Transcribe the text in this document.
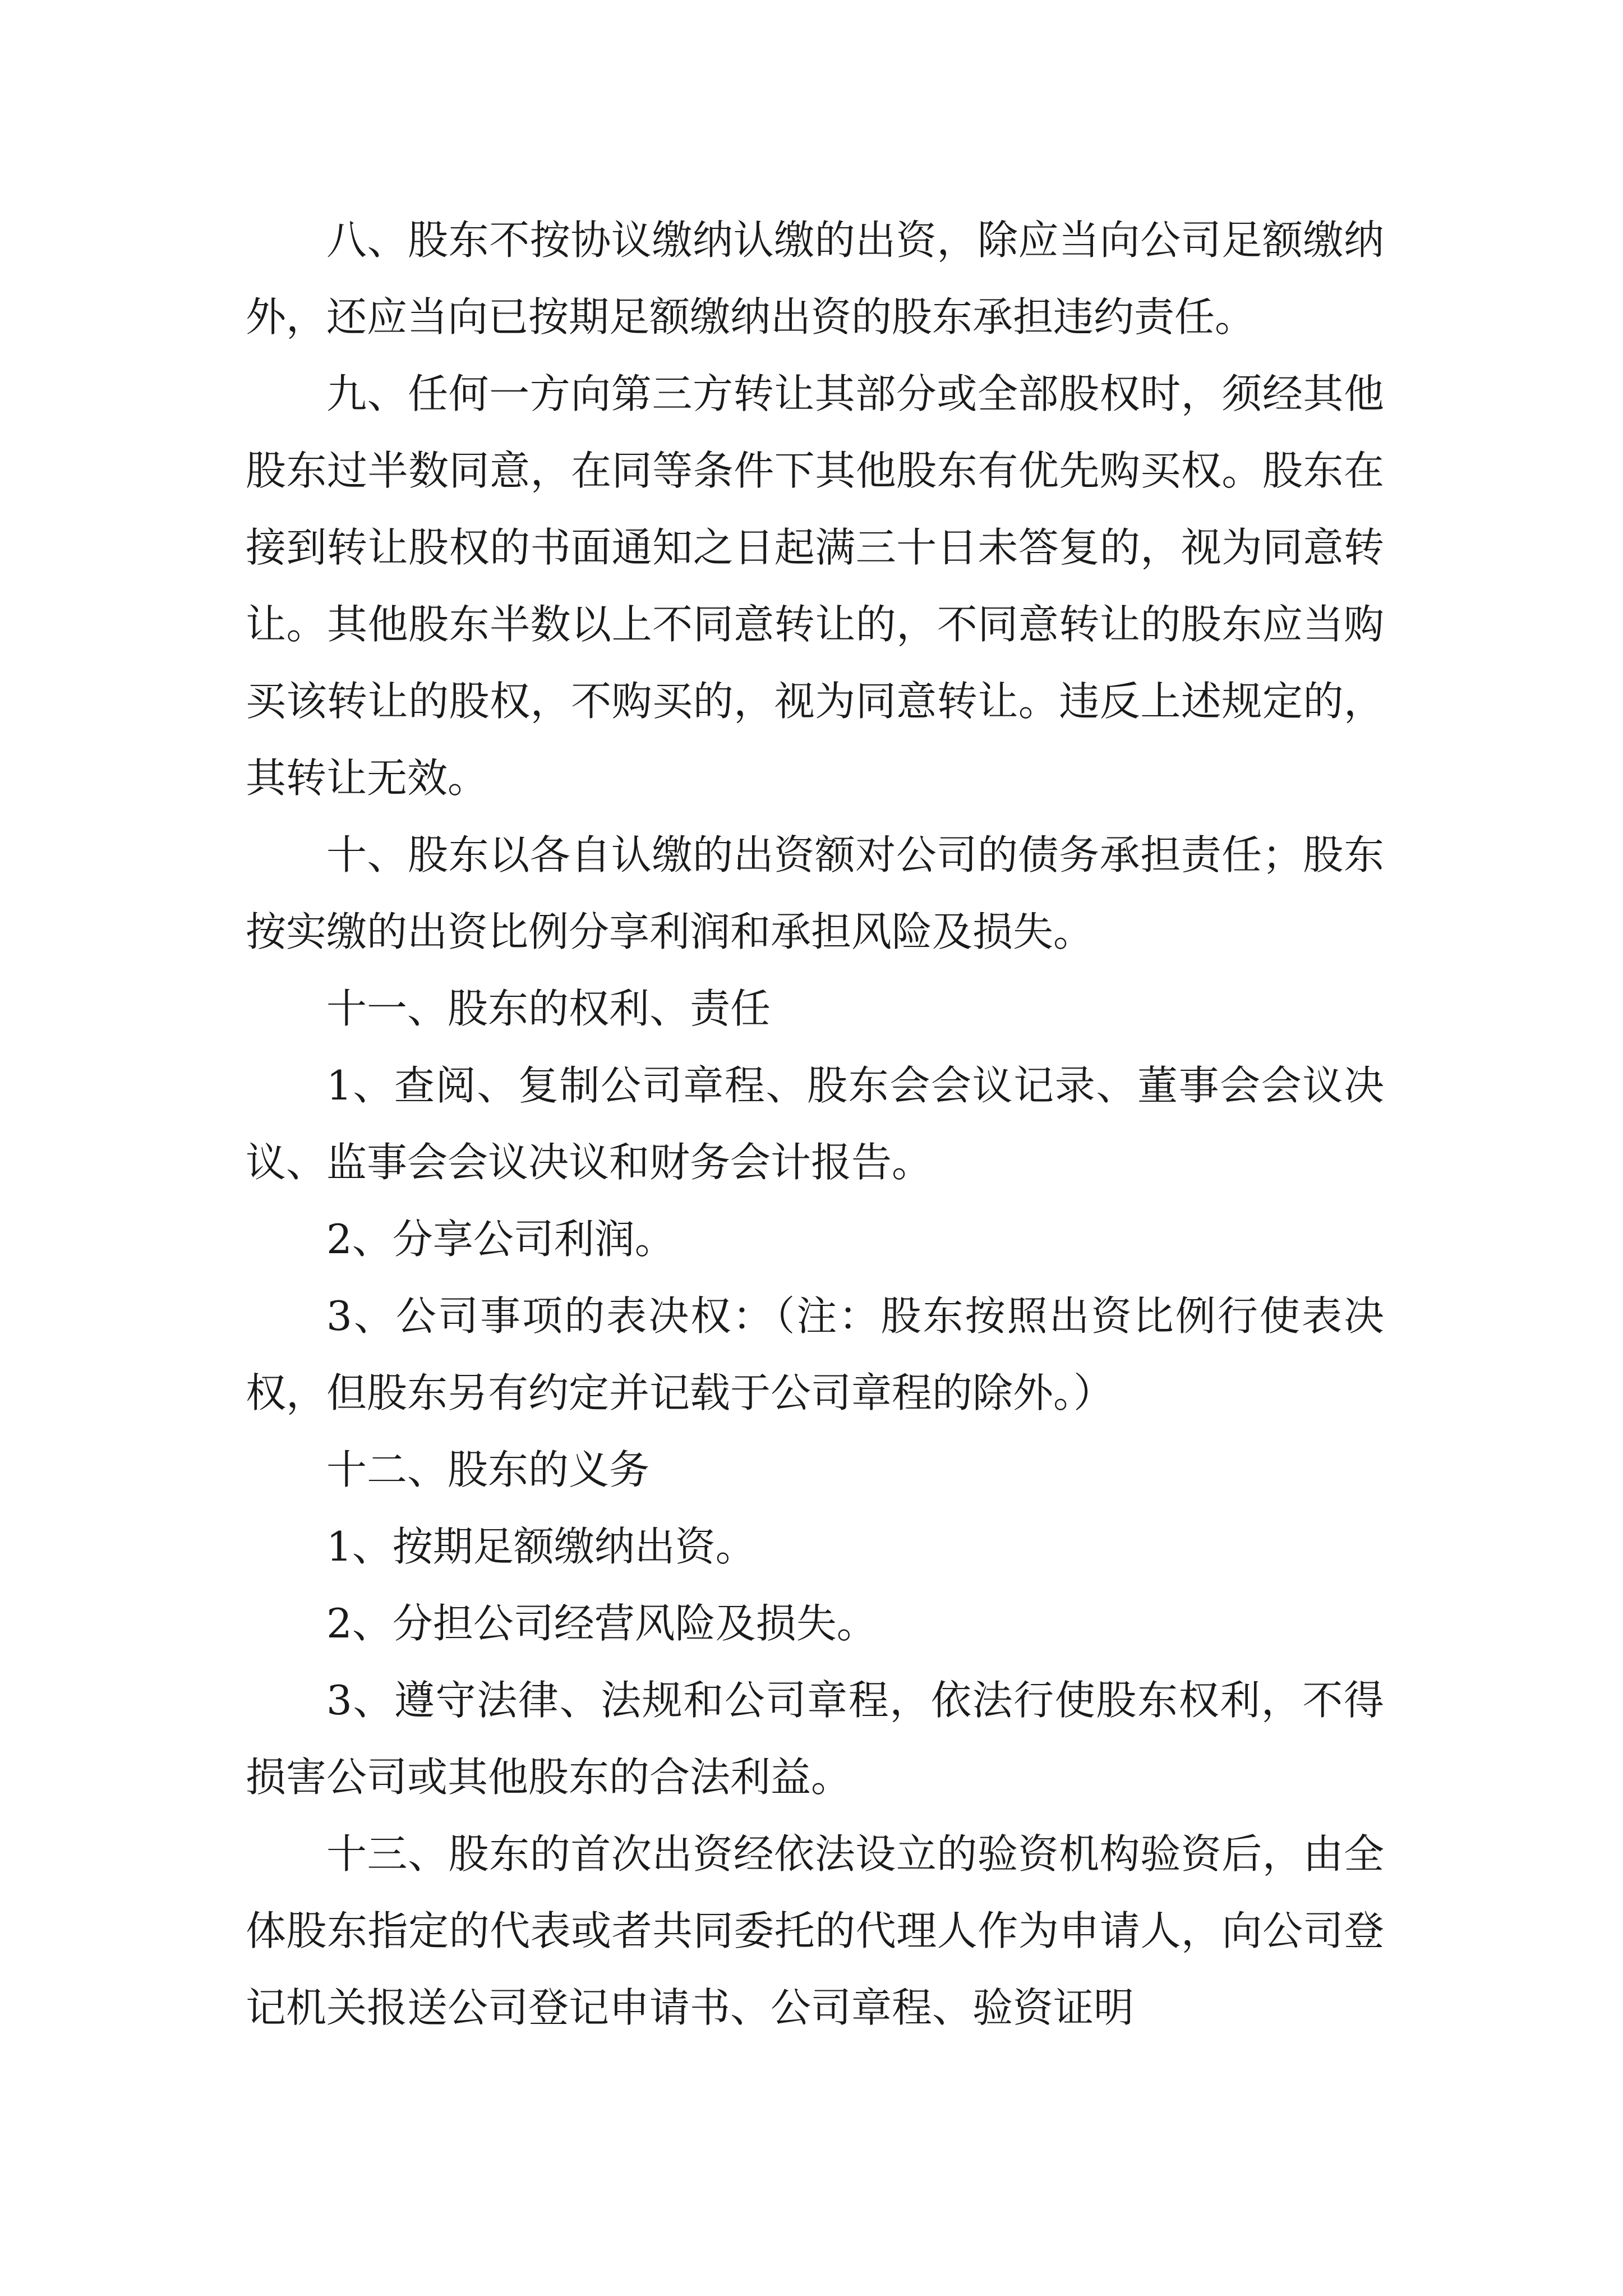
八、股东不按协议缴纳认缴的出资，除应当向公司足额缴纳外，还应当向已按期足额缴纳出资的股东承担违约责任。

九、任何一方向第三方转让其部分或全部股权时，须经其他股东过半数同意，在同等条件下其他股东有优先购买权。股东在接到转让股权的书面通知之日起满三十日未答复的，视为同意转让。其他股东半数以上不同意转让的，不同意转让的股东应当购买该转让的股权，不购买的，视为同意转让。违反上述规定的，其转让无效。

十、股东以各自认缴的出资额对公司的债务承担责任；股东按实缴的出资比例分享利润和承担风险及损失。

十一、股东的权利、责任

1、查阅、复制公司章程、股东会会议记录、董事会会议决议、监事会会议决议和财务会计报告。

2、分享公司利润。

3、公司事项的表决权：（注：股东按照出资比例行使表决权，但股东另有约定并记载于公司章程的除外。）

十二、股东的义务

1、按期足额缴纳出资。

2、分担公司经营风险及损失。

3、遵守法律、法规和公司章程，依法行使股东权利，不得损害公司或其他股东的合法利益。

十三、股东的首次出资经依法设立的验资机构验资后，由全体股东指定的代表或者共同委托的代理人作为申请人，向公司登记机关报送公司登记申请书、公司章程、验资证明
